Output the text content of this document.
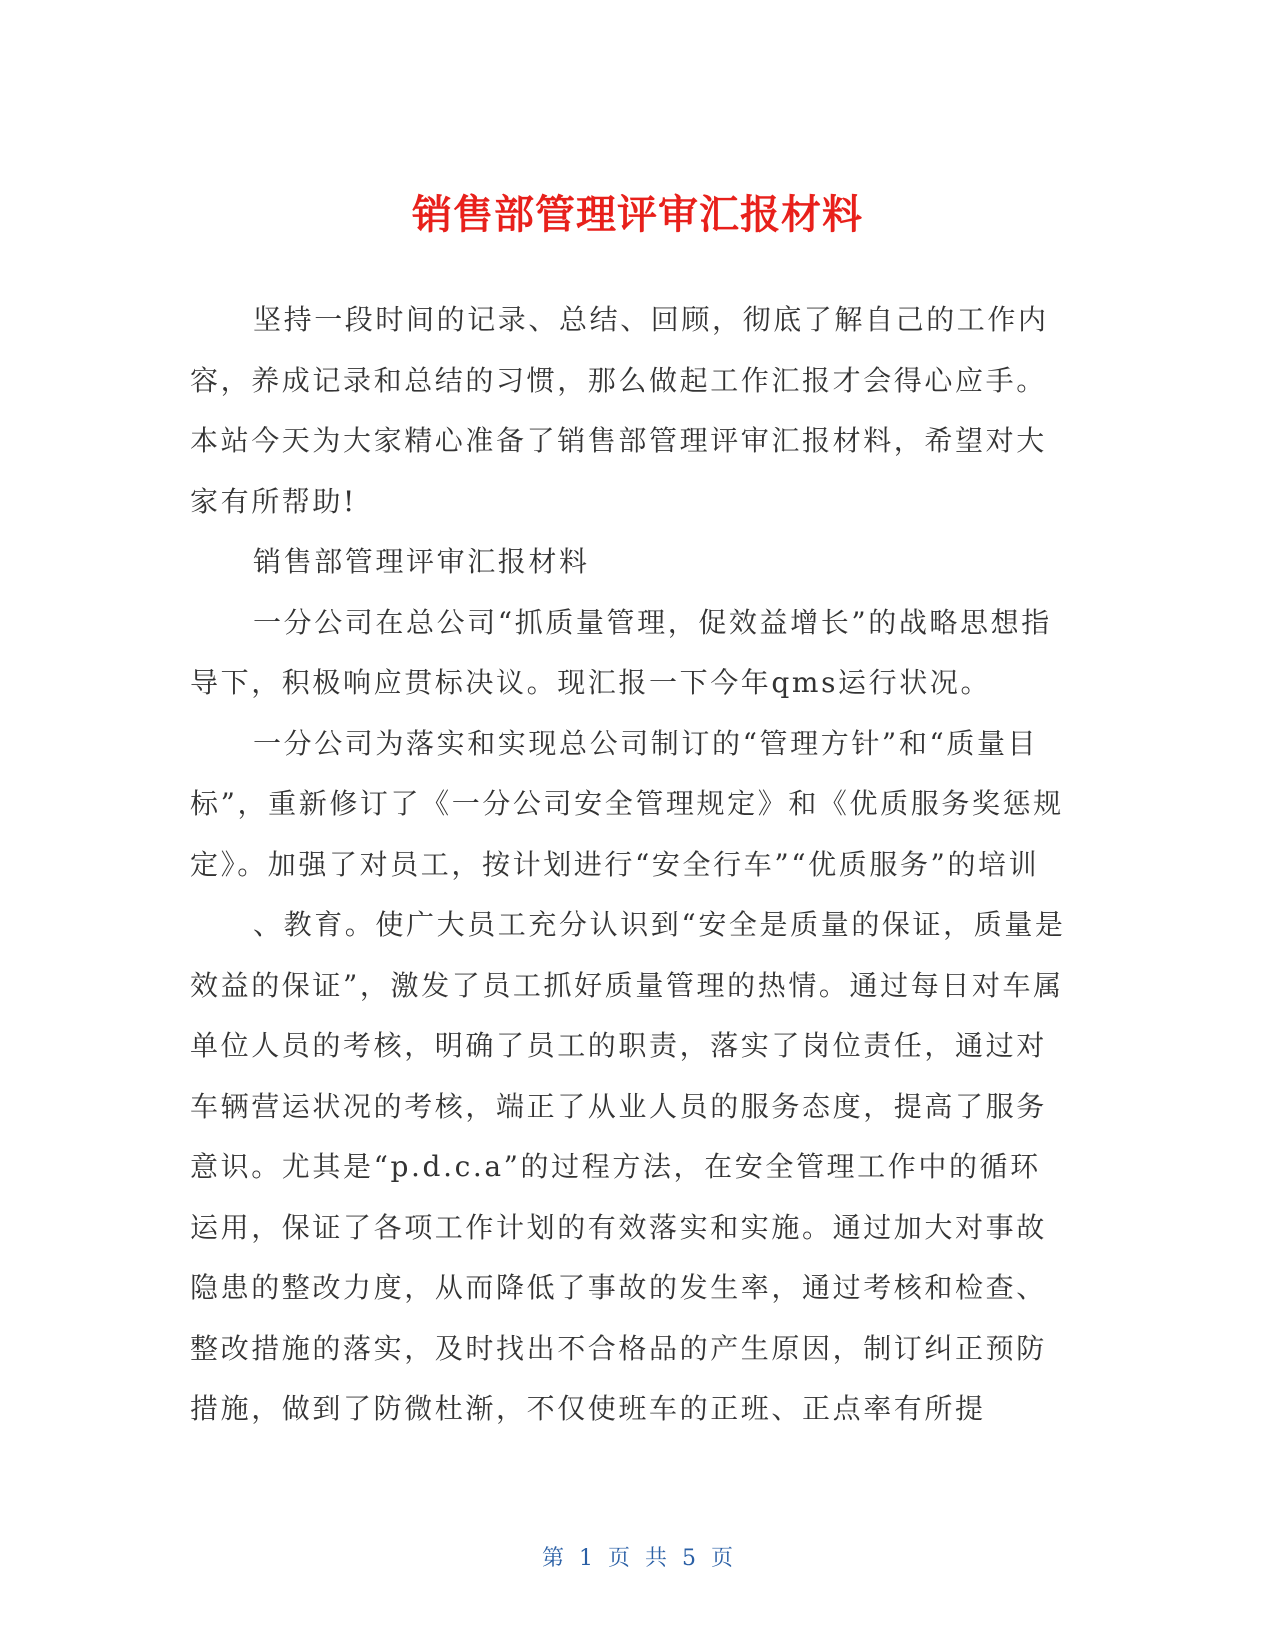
销售部管理评审汇报材料

坚持一段时间的记录、总结、回顾，彻底了解自己的工作内容，养成记录和总结的习惯，那么做起工作汇报才会得心应手。本站今天为大家精心准备了销售部管理评审汇报材料，希望对大家有所帮助!

销售部管理评审汇报材料

一分公司在总公司“抓质量管理，促效益增长”的战略思想指导下，积极响应贯标决议。现汇报一下今年qms运行状况。

一分公司为落实和实现总公司制订的“管理方针”和“质量目标”，重新修订了《一分公司安全管理规定》和《优质服务奖惩规定》。加强了对员工，按计划进行“安全行车”“优质服务”的培训

、教育。使广大员工充分认识到“安全是质量的保证，质量是效益的保证”，激发了员工抓好质量管理的热情。通过每日对车属单位人员的考核，明确了员工的职责，落实了岗位责任，通过对车辆营运状况的考核，端正了从业人员的服务态度，提高了服务意识。尤其是“p.d.c.a”的过程方法，在安全管理工作中的循环运用，保证了各项工作计划的有效落实和实施。通过加大对事故隐患的整改力度，从而降低了事故的发生率，通过考核和检查、整改措施的落实，及时找出不合格品的产生原因，制订纠正预防措施，做到了防微杜渐，不仅使班车的正班、正点率有所提

第 1 页 共 5 页
